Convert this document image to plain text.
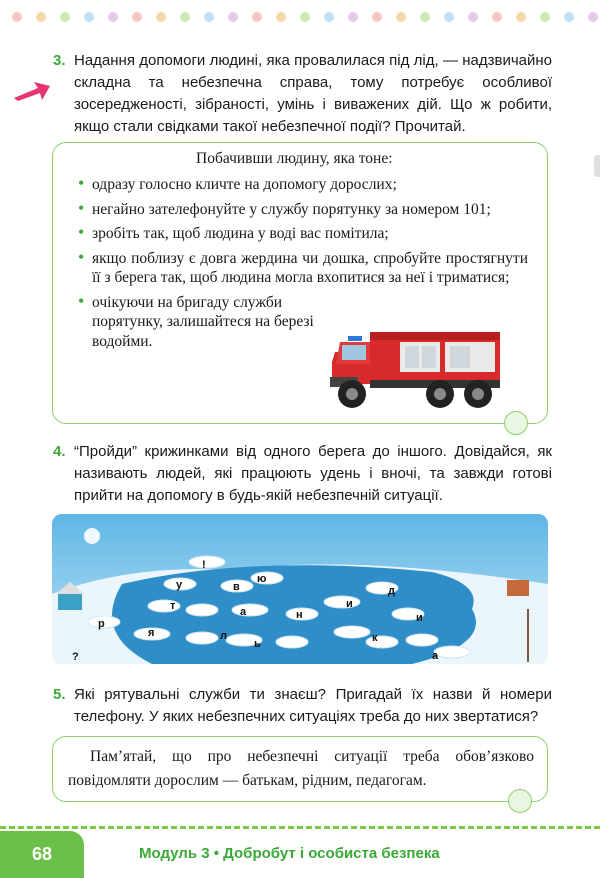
3. Надання допомоги людині, яка провалилася під лід, — надзвичайно складна та небезпечна справа, тому потребує особливої зосередженості, зібраності, умінь і виважених дій. Що ж робити, якщо стали свідками такої небезпечної події? Прочитай.
Побачивши людину, яка тоне:
• одразу голосно кличте на допомогу дорослих;
• негайно зателефонуйте у службу порятунку за номером 101;
• зробіть так, щоб людина у воді вас помітила;
• якщо поблизу є довга жердина чи дошка, спробуйте простягнути її з берега так, щоб людина могла вхопитися за неї і триматися;
• очікуючи на бригаду служби порятунку, залишайтеся на березі водойми.
4. “Пройди” крижинками від одного берега до іншого. Довідайся, як називають людей, які працюють удень і вночі, та завжди готові прийти на допомогу в будь-якій небезпечній ситуації.
!
у	в
ю
д
т	а	н
и
р
я	л
ь	к
и
а
?
5. Які рятувальні служби ти знаєш? Пригадай їх назви й номери телефону. У яких небезпечних ситуаціях треба до них звертатися?
Пам’ятай, що про небезпечні ситуації треба обов’язково повідомляти дорослим — батькам, рідним, педагогам.
68	Модуль 3 • Добробут і особиста безпека
